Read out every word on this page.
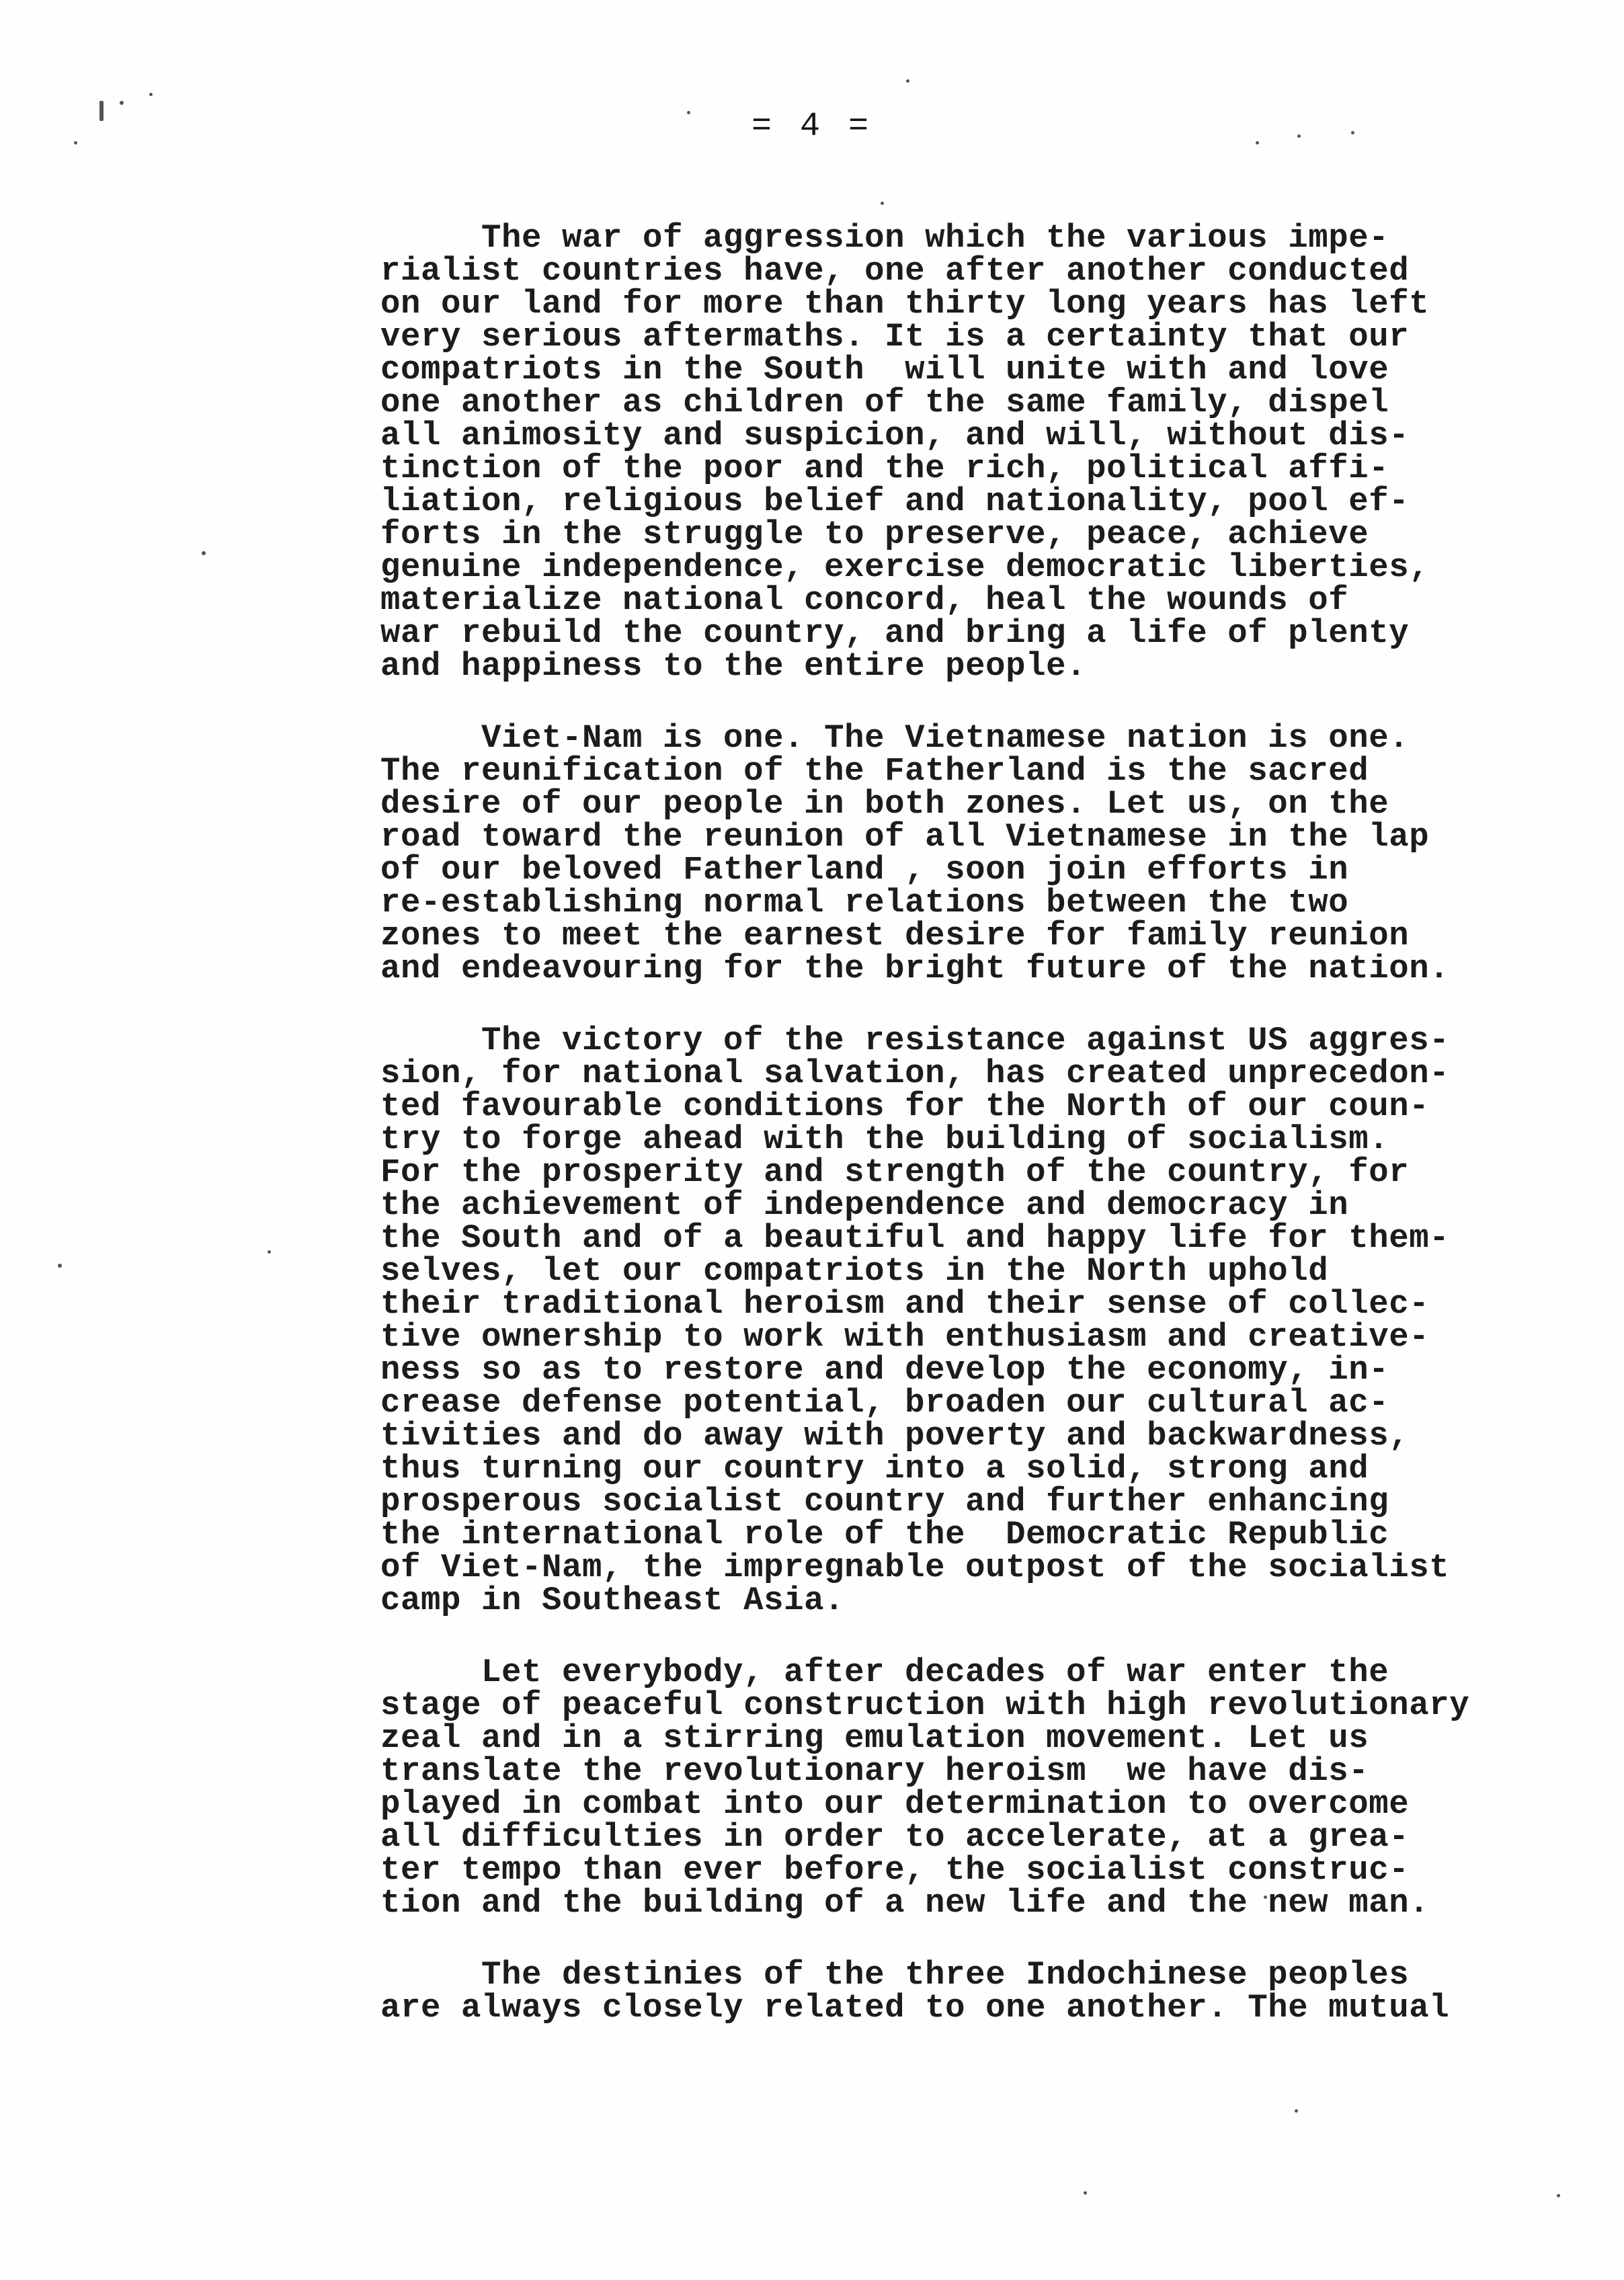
= 4 =
The war of aggression which the various impe-
rialist countries have, one after another conducted
on our land for more than thirty long years has left
very serious aftermaths. It is a certainty that our
compatriots in the South  will unite with and love
one another as children of the same family, dispel
all animosity and suspicion, and will, without dis-
tinction of the poor and the rich, political affi-
liation, religious belief and nationality, pool ef-
forts in the struggle to preserve, peace, achieve
genuine independence, exercise democratic liberties,
materialize national concord, heal the wounds of
war rebuild the country, and bring a life of plenty
and happiness to the entire people.
Viet-Nam is one. The Vietnamese nation is one.
The reunification of the Fatherland is the sacred
desire of our people in both zones. Let us, on the
road toward the reunion of all Vietnamese in the lap
of our beloved Fatherland , soon join efforts in
re-establishing normal relations between the two
zones to meet the earnest desire for family reunion
and endeavouring for the bright future of the nation.
The victory of the resistance against US aggres-
sion, for national salvation, has created unprecedon-
ted favourable conditions for the North of our coun-
try to forge ahead with the building of socialism.
For the prosperity and strength of the country, for
the achievement of independence and democracy in
the South and of a beautiful and happy life for them-
selves, let our compatriots in the North uphold
their traditional heroism and their sense of collec-
tive ownership to work with enthusiasm and creative-
ness so as to restore and develop the economy, in-
crease defense potential, broaden our cultural ac-
tivities and do away with poverty and backwardness,
thus turning our country into a solid, strong and
prosperous socialist country and further enhancing
the international role of the  Democratic Republic
of Viet-Nam, the impregnable outpost of the socialist
camp in Southeast Asia.
Let everybody, after decades of war enter the
stage of peaceful construction with high revolutionary
zeal and in a stirring emulation movement. Let us
translate the revolutionary heroism  we have dis-
played in combat into our determination to overcome
all difficulties in order to accelerate, at a grea-
ter tempo than ever before, the socialist construc-
tion and the building of a new life and the new man.
The destinies of the three Indochinese peoples
are always closely related to one another. The mutual
